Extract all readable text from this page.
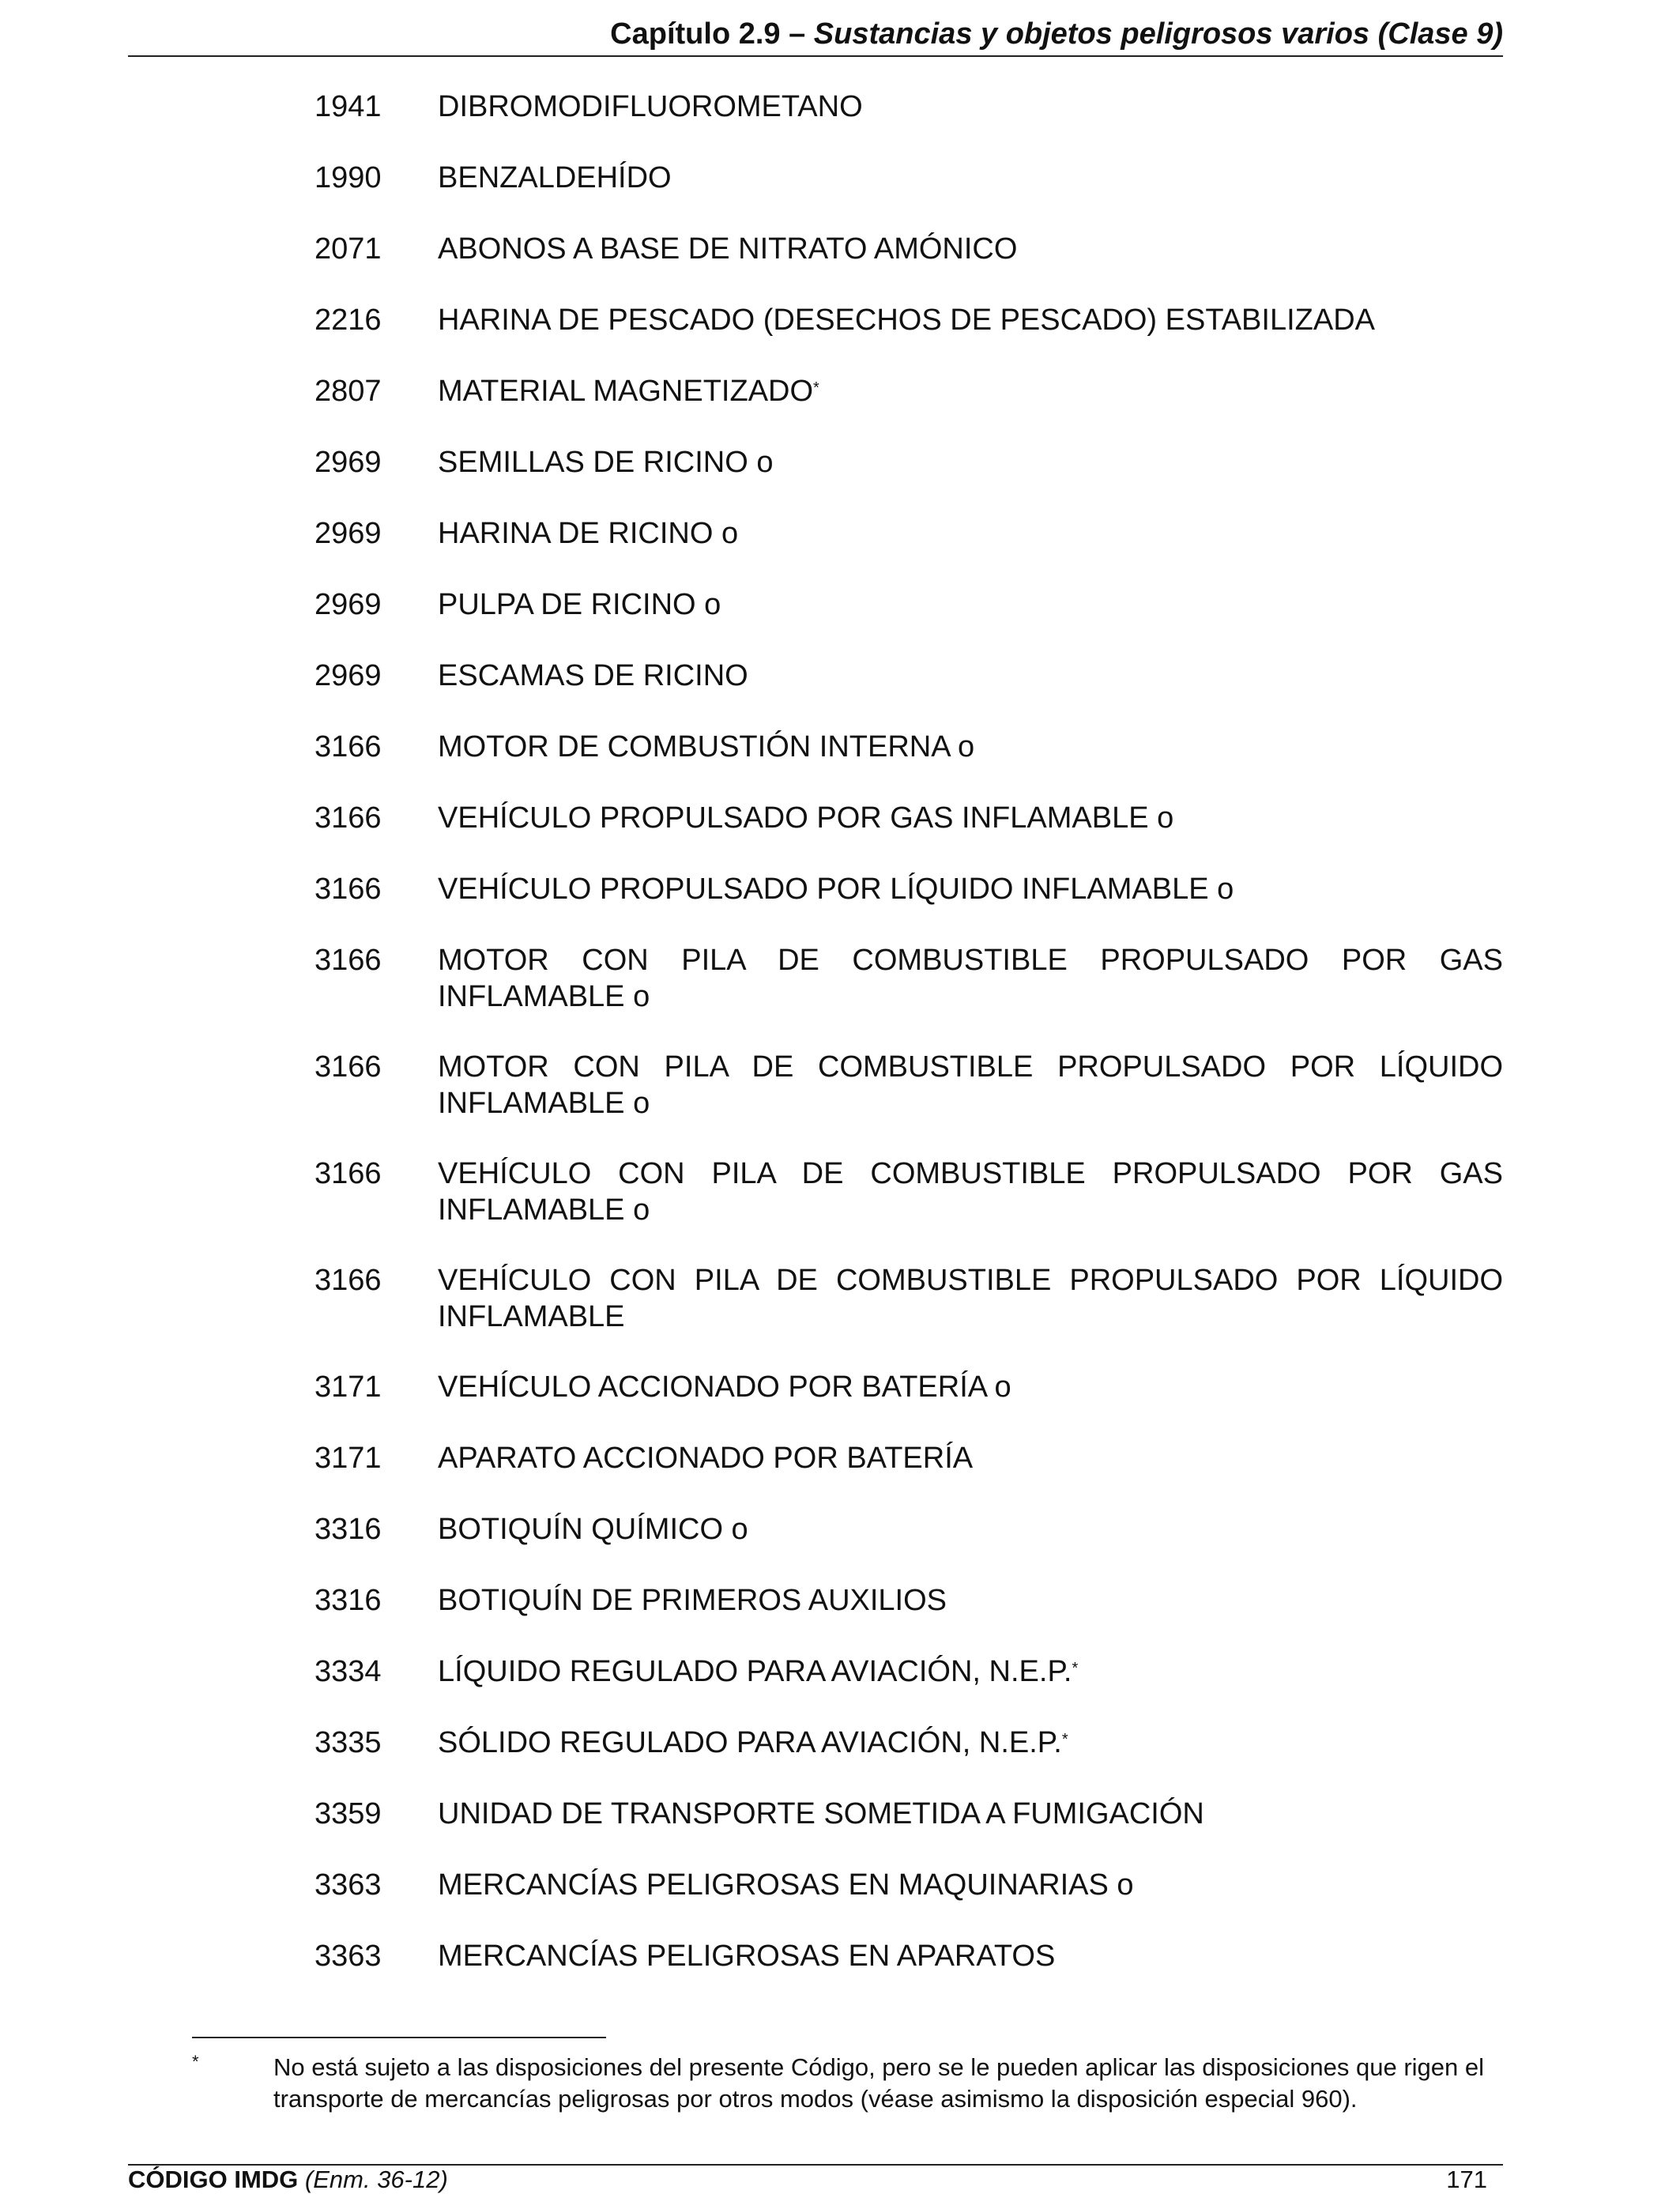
Capítulo 2.9 – Sustancias y objetos peligrosos varios (Clase 9)
1941	DIBROMODIFLUOROMETANO
1990	BENZALDEHÍDO
2071	ABONOS A BASE DE NITRATO AMÓNICO
2216	HARINA DE PESCADO (DESECHOS DE PESCADO) ESTABILIZADA
2807	MATERIAL MAGNETIZADO*
2969	SEMILLAS DE RICINO o
2969	HARINA DE RICINO o
2969	PULPA DE RICINO o
2969	ESCAMAS DE RICINO
3166	MOTOR DE COMBUSTIÓN INTERNA o
3166	VEHÍCULO PROPULSADO POR GAS INFLAMABLE o
3166	VEHÍCULO PROPULSADO POR LÍQUIDO INFLAMABLE o
3166	MOTOR CON PILA DE COMBUSTIBLE PROPULSADO POR GAS INFLAMABLE o
3166	MOTOR CON PILA DE COMBUSTIBLE PROPULSADO POR LÍQUIDO INFLAMABLE o
3166	VEHÍCULO CON PILA DE COMBUSTIBLE PROPULSADO POR GAS INFLAMABLE o
3166	VEHÍCULO CON PILA DE COMBUSTIBLE PROPULSADO POR LÍQUIDO INFLAMABLE
3171	VEHÍCULO ACCIONADO POR BATERÍA o
3171	APARATO ACCIONADO POR BATERÍA
3316	BOTIQUÍN QUÍMICO o
3316	BOTIQUÍN DE PRIMEROS AUXILIOS
3334	LÍQUIDO REGULADO PARA AVIACIÓN, N.E.P.*
3335	SÓLIDO REGULADO PARA AVIACIÓN, N.E.P.*
3359	UNIDAD DE TRANSPORTE SOMETIDA A FUMIGACIÓN
3363	MERCANCÍAS PELIGROSAS EN MAQUINARIAS o
3363	MERCANCÍAS PELIGROSAS EN APARATOS
*	No está sujeto a las disposiciones del presente Código, pero se le pueden aplicar las disposiciones que rigen el transporte de mercancías peligrosas por otros modos (véase asimismo la disposición especial 960).
CÓDIGO IMDG (Enm. 36-12)	171
